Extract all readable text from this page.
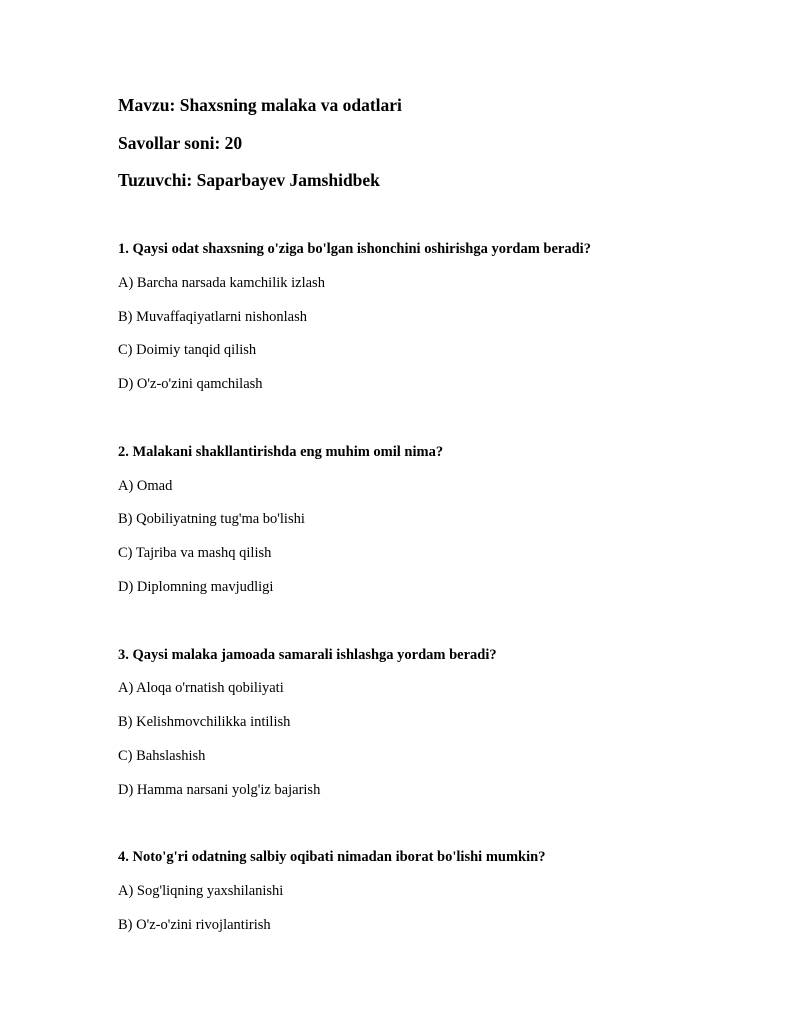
Mavzu: Shaxsning malaka va odatlari
Savollar soni: 20
Tuzuvchi: Saparbayev Jamshidbek
1. Qaysi odat shaxsning o'ziga bo'lgan ishonchini oshirishga yordam beradi?
A) Barcha narsada kamchilik izlash
B) Muvaffaqiyatlarni nishonlash
C) Doimiy tanqid qilish
D) O'z-o'zini qamchilash
2. Malakani shakllantirishda eng muhim omil nima?
A) Omad
B) Qobiliyatning tug'ma bo'lishi
C) Tajriba va mashq qilish
D) Diplomning mavjudligi
3. Qaysi malaka jamoada samarali ishlashga yordam beradi?
A) Aloqa o'rnatish qobiliyati
B) Kelishmovchilikka intilish
C) Bahslashish
D) Hamma narsani yolg'iz bajarish
4. Noto'g'ri odatning salbiy oqibati nimadan iborat bo'lishi mumkin?
A) Sog'liqning yaxshilanishi
B) O'z-o'zini rivojlantirish
